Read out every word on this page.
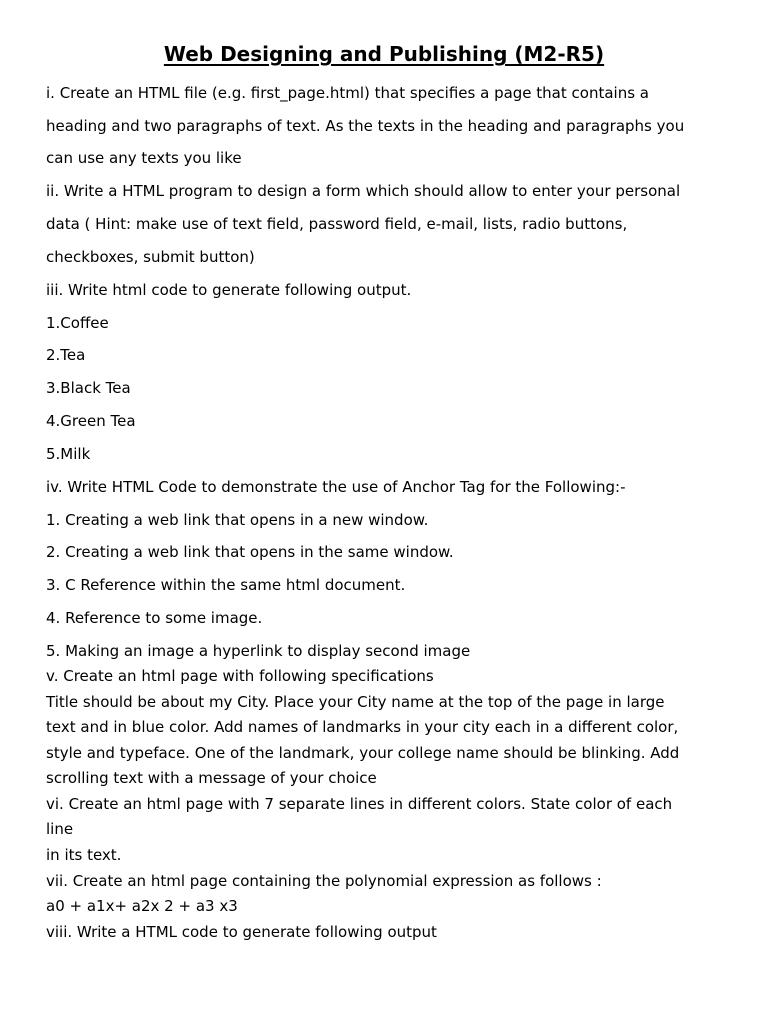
Web Designing and Publishing (M2-R5)

i. Create an HTML file (e.g. first_page.html) that specifies a page that contains a

heading and two paragraphs of text. As the texts in the heading and paragraphs you

can use any texts you like

ii. Write a HTML program to design a form which should allow to enter your personal

data ( Hint: make use of text field, password field, e-mail, lists, radio buttons,

checkboxes, submit button)

iii. Write html code to generate following output.

1.Coffee

2.Tea

3.Black Tea

4.Green Tea

5.Milk

iv. Write HTML Code to demonstrate the use of Anchor Tag for the Following:-

1. Creating a web link that opens in a new window.

2. Creating a web link that opens in the same window.

3. C Reference within the same html document.

4. Reference to some image.

5. Making an image a hyperlink to display second image

v. Create an html page with following specifications

Title should be about my City. Place your City name at the top of the page in large

text and in blue color. Add names of landmarks in your city each in a different color,

style and typeface. One of the landmark, your college name should be blinking. Add

scrolling text with a message of your choice

vi. Create an html page with 7 separate lines in different colors. State color of each

line

in its text.

vii. Create an html page containing the polynomial expression as follows :

a0 + a1x+ a2x 2 + a3 x3

viii. Write a HTML code to generate following output
